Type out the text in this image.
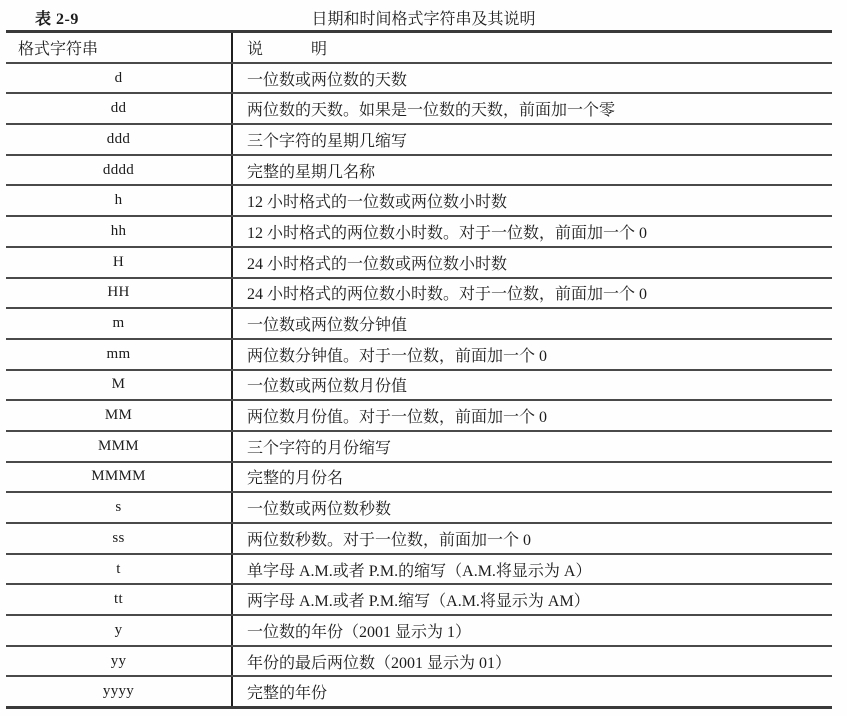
表 2-9	日期和时间格式字符串及其说明
格式字符串	说　　　明
d	一位数或两位数的天数
dd	两位数的天数。如果是一位数的天数，前面加一个零
ddd	三个字符的星期几缩写
dddd	完整的星期几名称
h	12 小时格式的一位数或两位数小时数
hh	12 小时格式的两位数小时数。对于一位数，前面加一个 0
H	24 小时格式的一位数或两位数小时数
HH	24 小时格式的两位数小时数。对于一位数，前面加一个 0
m	一位数或两位数分钟值
mm	两位数分钟值。对于一位数，前面加一个 0
M	一位数或两位数月份值
MM	两位数月份值。对于一位数，前面加一个 0
MMM	三个字符的月份缩写
MMMM	完整的月份名
s	一位数或两位数秒数
ss	两位数秒数。对于一位数，前面加一个 0
t	单字母 A.M.或者 P.M.的缩写（A.M.将显示为 A）
tt	两字母 A.M.或者 P.M.缩写（A.M.将显示为 AM）
y	一位数的年份（2001 显示为 1）
yy	年份的最后两位数（2001 显示为 01）
yyyy	完整的年份
